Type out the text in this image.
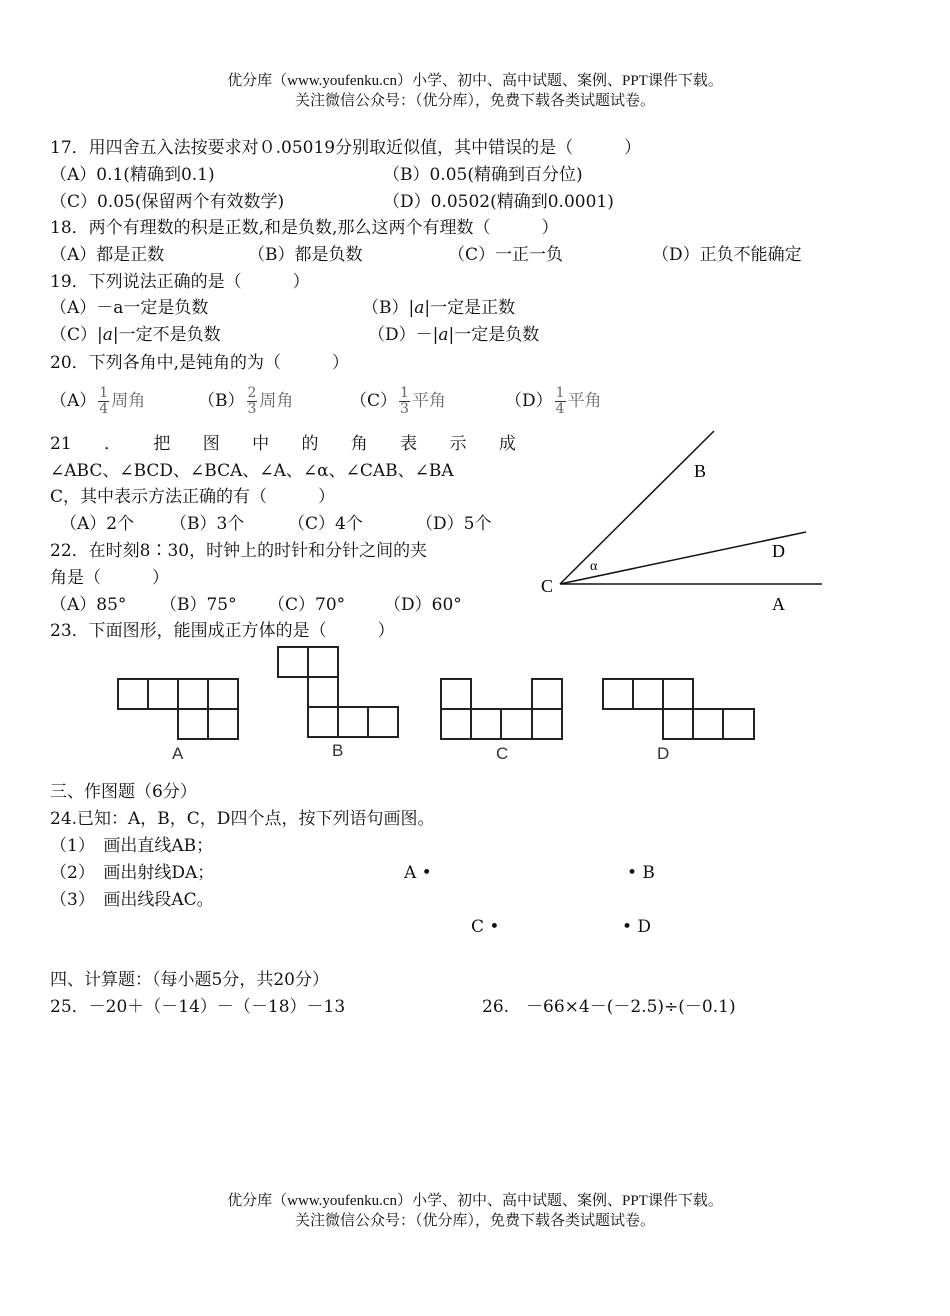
优分库（www.youfenku.cn）小学、初中、高中试题、案例、PPT课件下载。
关注微信公众号：（优分库），免费下载各类试题试卷。
17．用四舍五入法按要求对０.05019分别取近似值，其中错误的是（　　　）
（A）0.1(精确到0.1)	（B）0.05(精确到百分位)
（C）0.05(保留两个有效数学)	（D）0.0502(精确到0.0001)
18．两个有理数的积是正数,和是负数,那么这两个有理数（　　　）
（A）都是正数	（B）都是负数	（C）一正一负	（D）正负不能确定
19．下列说法正确的是（　　　）
（A）－a一定是负数	（B）|a|一定是正数
（C）|a|一定不是负数	（D）－|a|一定是负数
20．下列各角中,是钝角的为（　　　）
$(A) \frac{1}{4}$ 周角	$(B) \frac{2}{3}$ 周角	$(C) \frac{1}{3}$ 平角	$(D) \frac{1}{4}$ 平角
21 ． 把 图 中 的 角 表 示 成
∠ABC、∠BCD、∠BCA、∠A、∠α、∠CAB、∠BA
C，其中表示方法正确的有（　　　）
（A）2个 （B）3个	（C）4个	（D）5个
22．在时刻8∶30，时钟上的时针和分针之间的夹
角是（　　　）
（A）85° （B）75° （C）70° （D）60°
B
D
C
A
α
23．下面图形，能围成正方体的是（　　　）
A	B	C	D
三、作图题（6分）
24.已知：A，B，C，D四个点，按下列语句画图。
（1）　画出直线AB；
（2）　画出射线DA；
（3）　画出线段AC。
A •	• B
C •	• D
四、计算题：（每小题5分，共20分）
25．－20＋（－14）－（－18）－13	26.　－66×4－(－2.5)÷(－0.1)
优分库（www.youfenku.cn）小学、初中、高中试题、案例、PPT课件下载。
关注微信公众号：（优分库），免费下载各类试题试卷。
